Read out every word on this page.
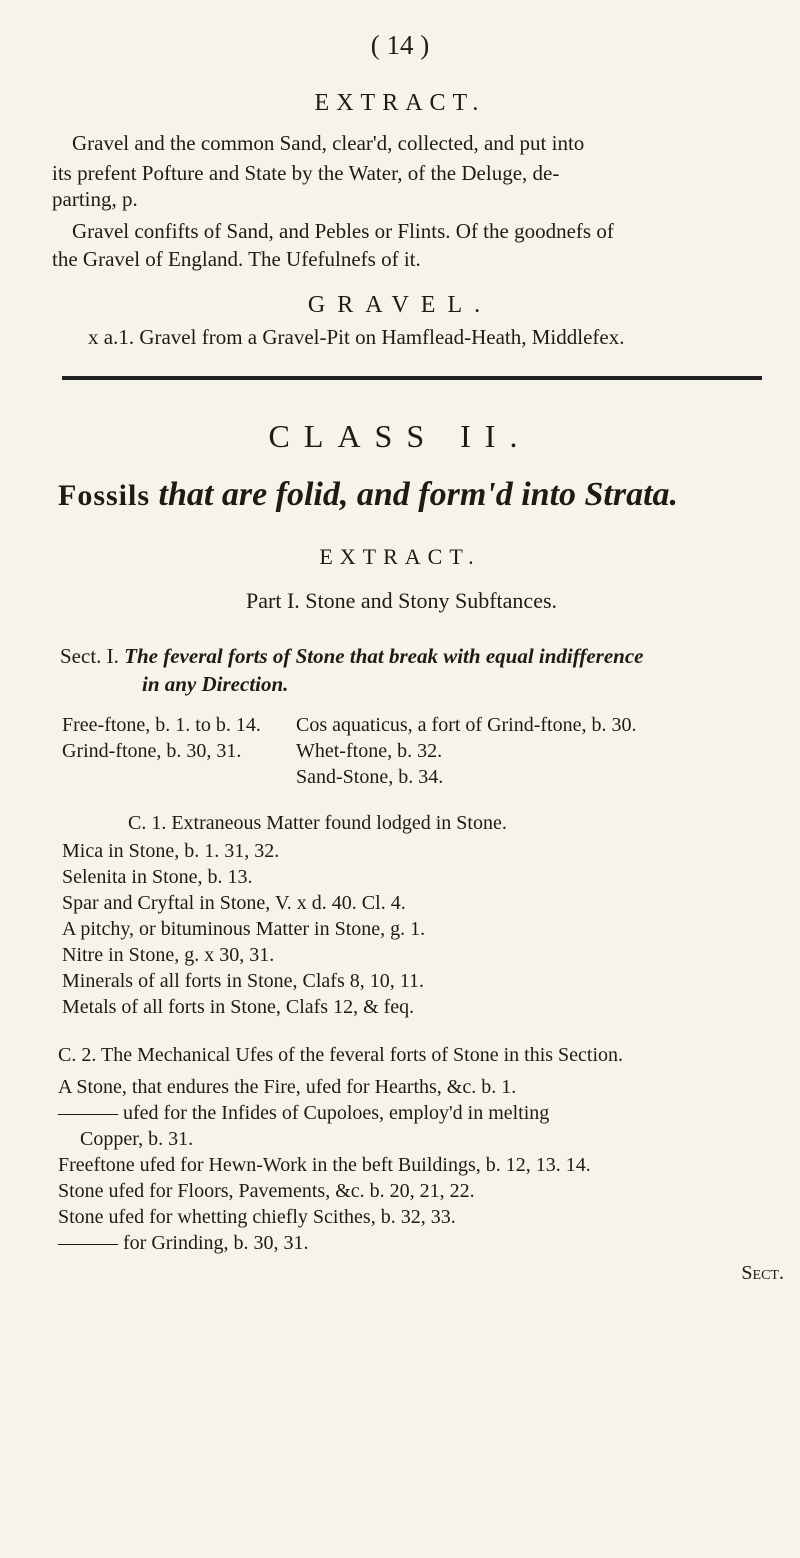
( 14 )
EXTRACT.
Gravel and the common Sand, clear'd, collected, and put into
its prefent Pofture and State by the Water, of the Deluge, de-
parting, p.
Gravel confifts of Sand, and Pebles or Flints. Of the goodnefs of
the Gravel of England. The Ufefulnefs of it.
GRAVEL.
x a.1. Gravel from a Gravel-Pit on Hamflead-Heath, Middlefex.
CLASS II.
Fossils that are folid, and form'd into Strata.
EXTRACT.
Part I. Stone and Stony Subftances.
Sect. I. The feveral forts of Stone that break with equal indifference
in any Direction.
Free-ftone, b. 1. to b. 14.
Grind-ftone, b. 30, 31.
Cos aquaticus, a fort of Grind-ftone, b. 30.
Whet-ftone, b. 32.
Sand-Stone, b. 34.
C. 1. Extraneous Matter found lodged in Stone.
Mica in Stone, b. 1. 31, 32.
Selenita in Stone, b. 13.
Spar and Cryftal in Stone, V. x d. 40. Cl. 4.
A pitchy, or bituminous Matter in Stone, g. 1.
Nitre in Stone, g. x 30, 31.
Minerals of all forts in Stone, Clafs 8, 10, 11.
Metals of all forts in Stone, Clafs 12, & feq.
C. 2. The Mechanical Ufes of the feveral forts of Stone in this Section.
A Stone, that endures the Fire, ufed for Hearths, &c. b. 1.
——— ufed for the Infides of Cupoloes, employ'd in melting
Copper, b. 31.
Freeftone ufed for Hewn-Work in the beft Buildings, b. 12, 13. 14.
Stone ufed for Floors, Pavements, &c. b. 20, 21, 22.
Stone ufed for whetting chiefly Scithes, b. 32, 33.
——— for Grinding, b. 30, 31.
Sect.
